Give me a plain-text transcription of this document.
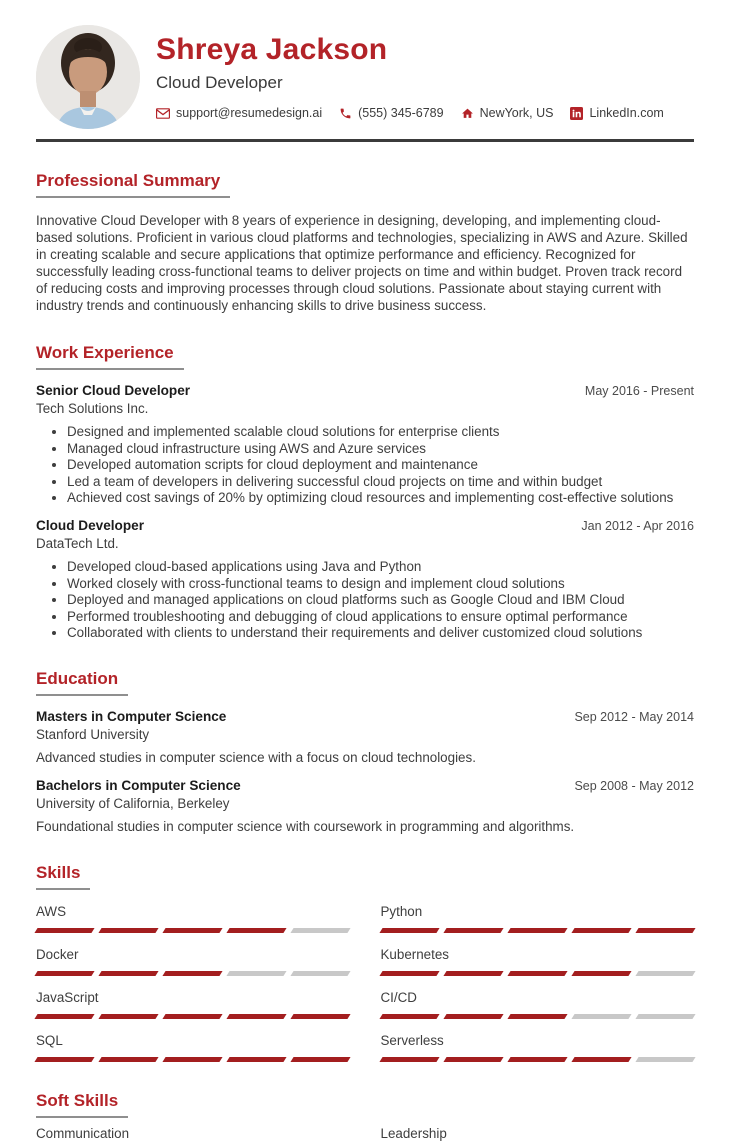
Shreya Jackson
Cloud Developer
support@resumedesign.ai	(555) 345-6789	NewYork, US	LinkedIn.com
Professional Summary

Innovative Cloud Developer with 8 years of experience in designing, developing, and implementing cloud-based solutions. Proficient in various cloud platforms and technologies, specializing in AWS and Azure. Skilled in creating scalable and secure applications that optimize performance and efficiency. Recognized for successfully leading cross-functional teams to deliver projects on time and within budget. Proven track record of reducing costs and improving processes through cloud solutions. Passionate about staying current with industry trends and continuously enhancing skills to drive business success.

Work Experience
Senior Cloud Developer	May 2016 - Present
Tech Solutions Inc.
• Designed and implemented scalable cloud solutions for enterprise clients
• Managed cloud infrastructure using AWS and Azure services
• Developed automation scripts for cloud deployment and maintenance
• Led a team of developers in delivering successful cloud projects on time and within budget
• Achieved cost savings of 20% by optimizing cloud resources and implementing cost-effective solutions
Cloud Developer	Jan 2012 - Apr 2016
DataTech Ltd.
• Developed cloud-based applications using Java and Python
• Worked closely with cross-functional teams to design and implement cloud solutions
• Deployed and managed applications on cloud platforms such as Google Cloud and IBM Cloud
• Performed troubleshooting and debugging of cloud applications to ensure optimal performance
• Collaborated with clients to understand their requirements and deliver customized cloud solutions
Education
Masters in Computer Science	Sep 2012 - May 2014
Stanford University
Advanced studies in computer science with a focus on cloud technologies.
Bachelors in Computer Science	Sep 2008 - May 2012
University of California, Berkeley
Foundational studies in computer science with coursework in programming and algorithms.
Skills
AWS	Python
Docker	Kubernetes
JavaScript	CI/CD
SQL	Serverless
Soft Skills
Communication	Leadership
